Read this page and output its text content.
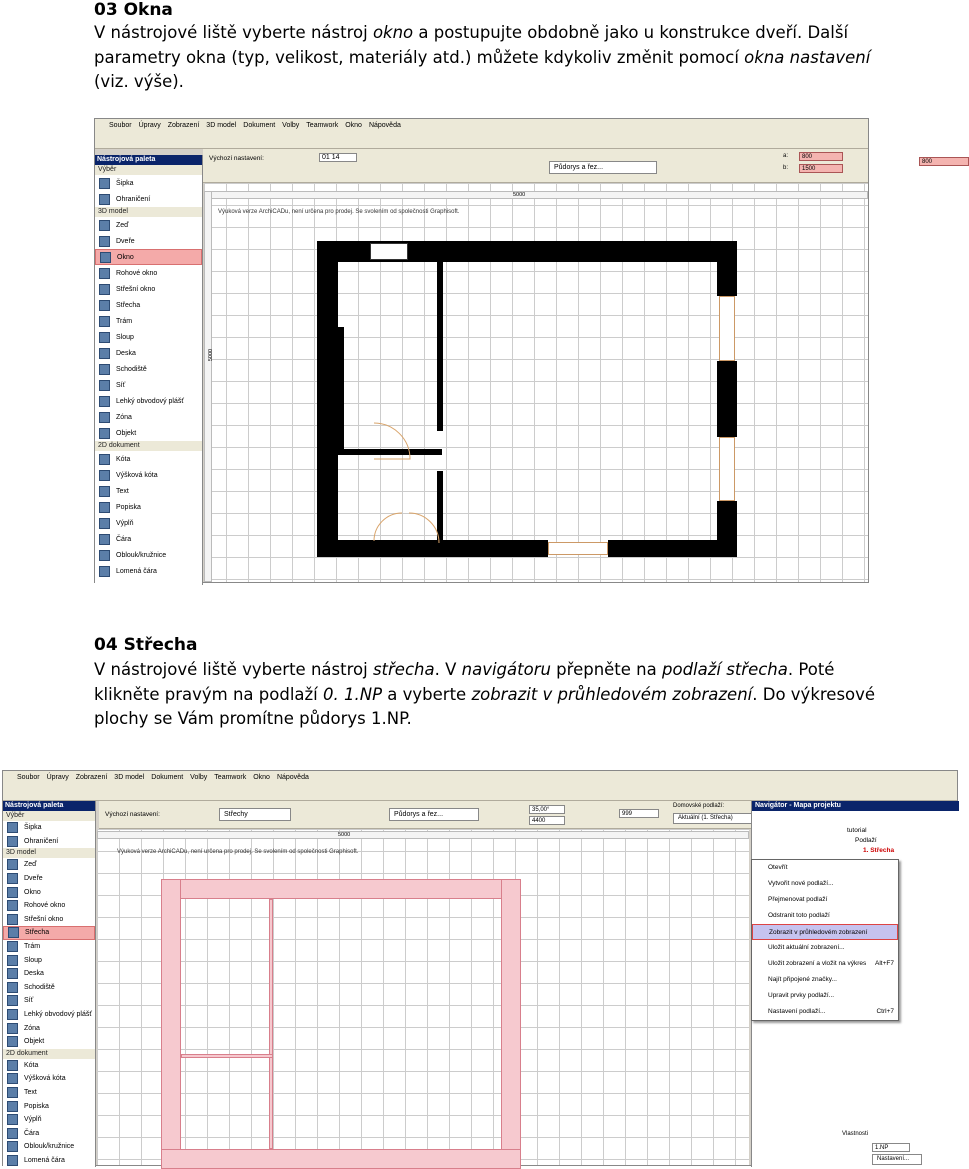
03 Okna
V nástrojové liště vyberte nástroj okno a postupujte obdobně jako u konstrukce dveří. Další parametry okna (typ, velikost, materiály atd.) můžete kdykoliv změnit pomocí okna nastavení (viz. výše).
Soubor Úpravy Zobrazení 3D model Dokument Volby Teamwork Okno Nápověda
Výchozí nastavení:	01 14
Půdorys a řez...
a:	800
b:	1500
800
Nástrojová paleta
Výběr
Šipka
Ohraničení
3D model
Zeď
Dveře
Okno
Rohové okno
Střešní okno
Střecha
Trám
Sloup
Deska
Schodiště
Síť
Lehký obvodový plášť
Zóna
Objekt
2D dokument
Kóta
Výšková kóta
Text
Popiska
Výplň
Čára
Oblouk/kružnice
Lomená čára
5000
5000
Výuková verze ArchiCADu, není určena pro prodej. Se svolením od společnosti Graphisoft.
04 Střecha
V nástrojové liště vyberte nástroj střecha. V navigátoru přepněte na podlaží střecha. Poté klikněte pravým na podlaží 0. 1.NP a vyberte zobrazit v průhledovém zobrazení. Do výkresové plochy se Vám promítne půdorys 1.NP.
Soubor Úpravy Zobrazení 3D model Dokument Volby Teamwork Okno Nápověda
Výchozí nastavení:	Střechy	Půdorys a řez...
35,00°
4400
999
Domovské podlaží:
Aktuální (1. Střecha)
Nástrojová paleta
Výběr
Šipka
Ohraničení
3D model
Zeď
Dveře
Okno
Rohové okno
Střešní okno
Střecha
Trám
Sloup
Deska
Schodiště
Síť
Lehký obvodový plášť
Zóna
Objekt
2D dokument
Kóta
Výšková kóta
Text
Popiska
Výplň
Čára
Oblouk/kružnice
Lomená čára
5000
Výuková verze ArchiCADu, není určena pro prodej. Se svolením od společnosti Graphisoft.
Navigátor - Mapa projektu
tutorial
Podlaží
1. Střecha
Vlastnosti
1.NP
Nastavení...
Otevřít
Vytvořit nové podlaží...
Přejmenovat podlaží
Odstranit toto podlaží
Zobrazit v průhledovém zobrazení
Uložit aktuální zobrazení...
Uložit zobrazení a vložit na výkres Alt+F7
Najít připojené značky...
Upravit prvky podlaží...
Nastavení podlaží...	Ctrl+7
